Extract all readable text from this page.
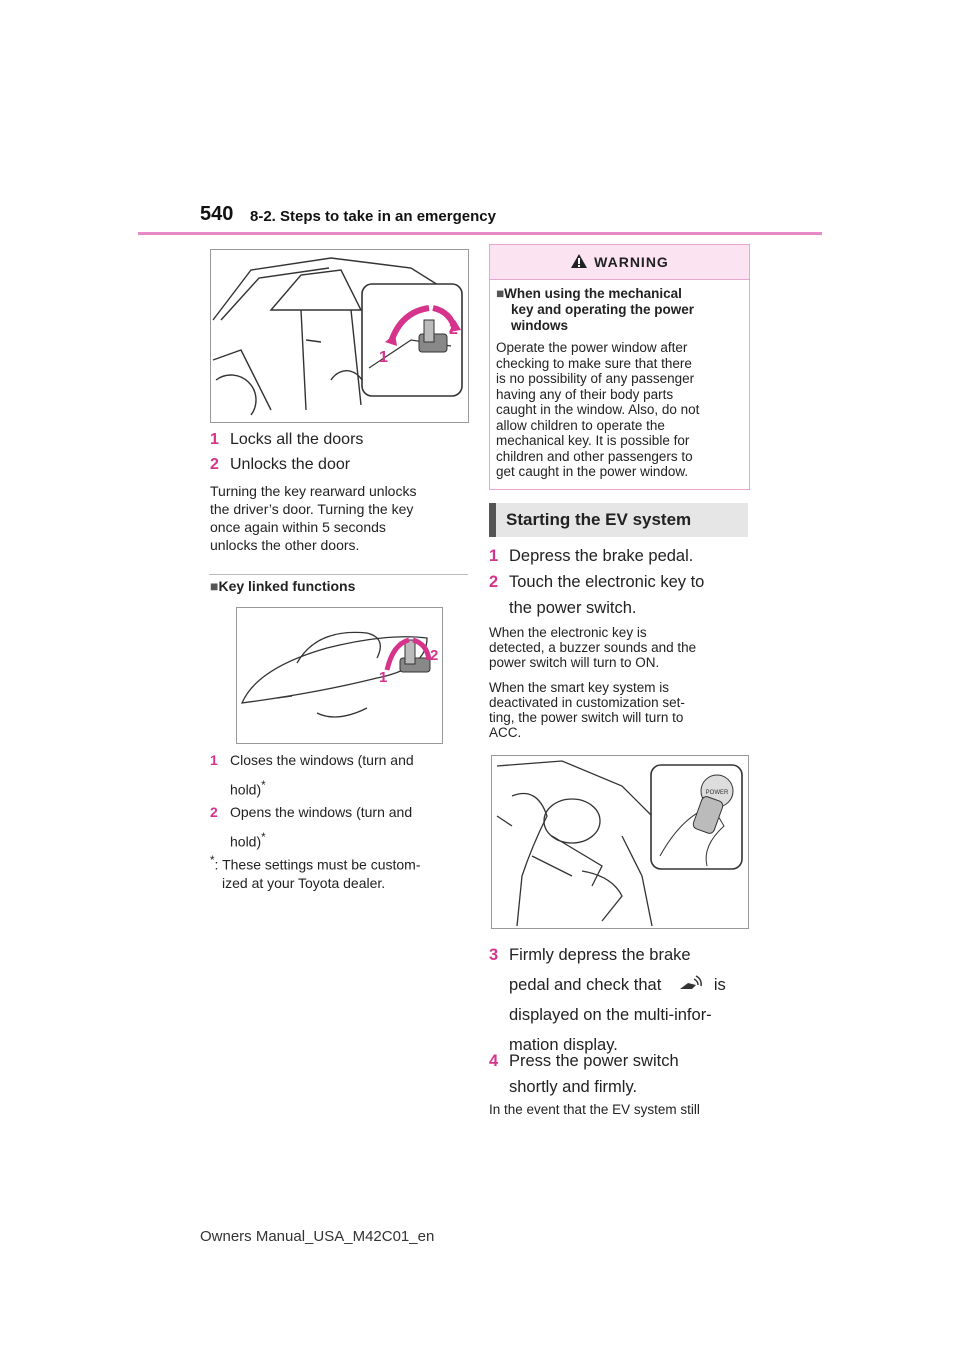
540 8-2. Steps to take in an emergency
1
2
1 Locks all the doors
2 Unlocks the door
Turning the key rearward unlocks
the driver’s door. Turning the key
once again within 5 seconds
unlocks the other doors.
■Key linked functions
1
2
1 Closes the windows (turn and
hold)*
2 Opens the windows (turn and
hold)*
*: These settings must be custom-
ized at your Toyota dealer.
WARNING
■When using the mechanical
key and operating the power
windows
Operate the power window after
checking to make sure that there
is no possibility of any passenger
having any of their body parts
caught in the window. Also, do not
allow children to operate the
mechanical key. It is possible for
children and other passengers to
get caught in the power window.
Starting the EV system
1 Depress the brake pedal.
2 Touch the electronic key to
the power switch.
When the electronic key is
detected, a buzzer sounds and the
power switch will turn to ON.
When the smart key system is
deactivated in customization set-
ting, the power switch will turn to
ACC.
POWER
3 Firmly depress the brake
pedal and check that	is
displayed on the multi-infor-
mation display.
4 Press the power switch
shortly and firmly.
In the event that the EV system still
Owners Manual_USA_M42C01_en
